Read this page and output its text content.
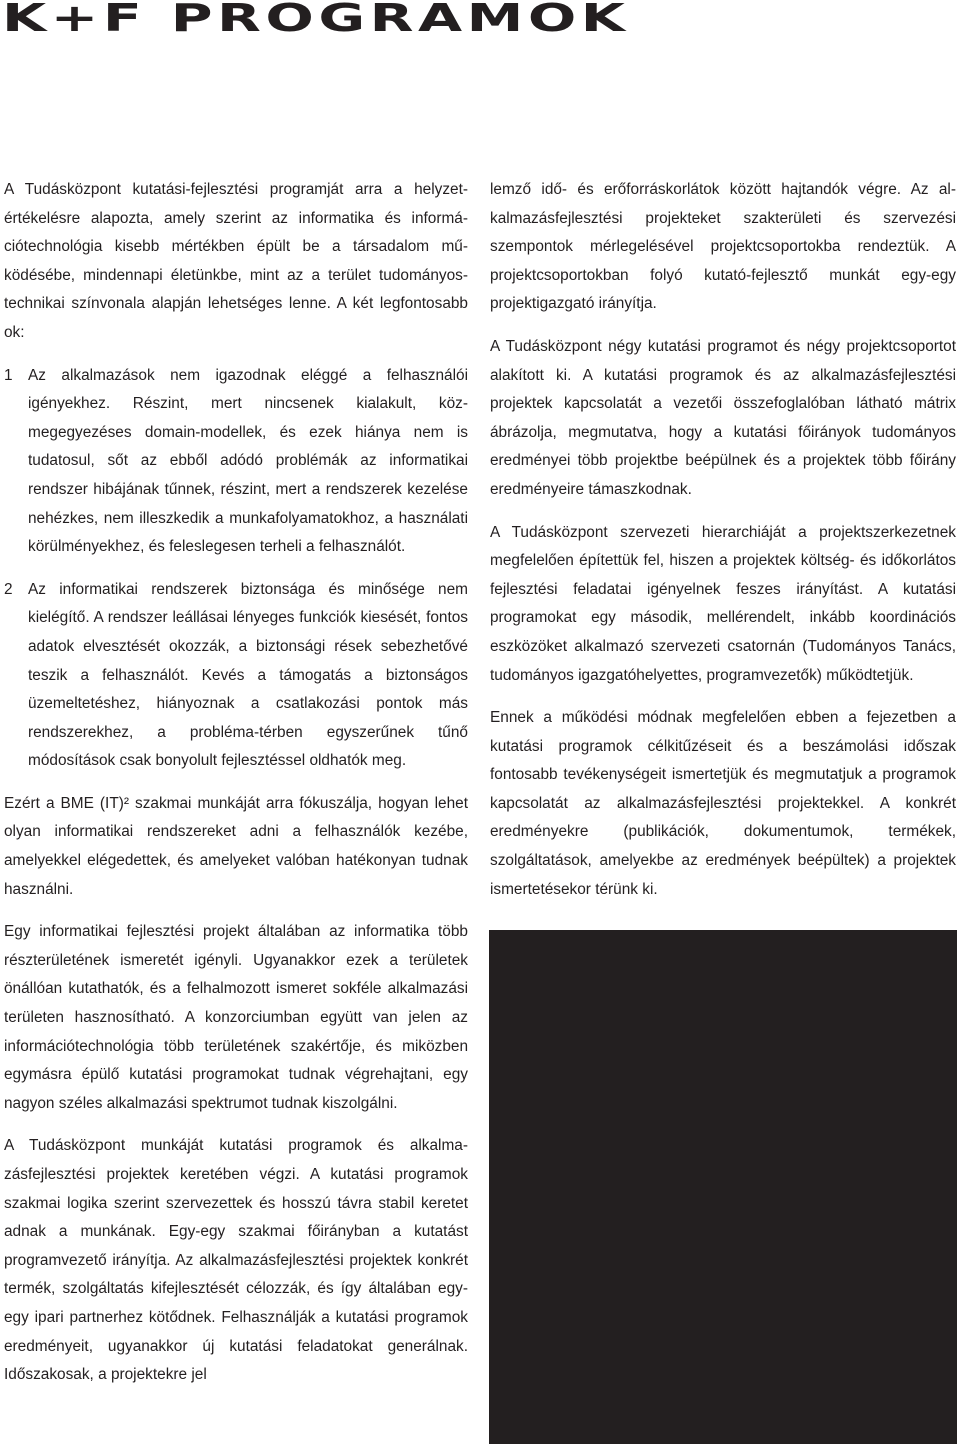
K+F PROGRAMOK

A Tudásközpont kutatási-fejlesztési programját arra a helyzetértékelésre alapozta, amely szerint az informatika és információtechnológia kisebb mértékben épült be a társadalom működésébe, mindennapi életünkbe, mint az a terület tudományos-technikai színvonala alapján lehetséges lenne. A két legfontosabb ok:

1 Az alkalmazások nem igazodnak eléggé a felhasználói igényekhez. Részint, mert nincsenek kialakult, közmegegyezéses domain-modellek, és ezek hiánya nem is tudatosul, sőt az ebből adódó problémák az informatikai rendszer hibájának tűnnek, részint, mert a rendszerek kezelése nehézkes, nem illeszkedik a munkafolyamatokhoz, a használati körülményekhez, és feleslegesen terheli a felhasználót.
2 Az informatikai rendszerek biztonsága és minősége nem kielégítő. A rendszer leállásai lényeges funkciók kiesését, fontos adatok elvesztését okozzák, a biztonsági rések sebezhetővé teszik a felhasználót. Kevés a támogatás a biztonságos üzemeltetéshez, hiányoznak a csatlakozási pontok más rendszerekhez, a probléma-térben egyszerűnek tűnő módosítások csak bonyolult fejlesztéssel oldhatók meg.

Ezért a BME (IT)² szakmai munkáját arra fókuszálja, hogyan lehet olyan informatikai rendszereket adni a felhasználók kezébe, amelyekkel elégedettek, és amelyeket valóban hatékonyan tudnak használni.

Egy informatikai fejlesztési projekt általában az informatika több részterületének ismeretét igényli. Ugyanakkor ezek a területek önállóan kutathatók, és a felhalmozott ismeret sokféle alkalmazási területen hasznosítható. A konzorciumban együtt van jelen az információtechnológia több területének szakértője, és miközben egymásra épülő kutatási programokat tudnak végrehajtani, egy nagyon széles alkalmazási spektrumot tudnak kiszolgálni.

A Tudásközpont munkáját kutatási programok és alkalmazásfejlesztési projektek keretében végzi. A kutatási programok szakmai logika szerint szervezettek és hosszú távra stabil keretet adnak a munkának. Egy-egy szakmai főirányban a kutatást programvezető irányítja. Az alkalmazásfejlesztési projektek konkrét termék, szolgáltatás kifejlesztését célozzák, és így általában egy-egy ipari partnerhez kötődnek. Felhasználják a kutatási programok eredményeit, ugyanakkor új kutatási feladatokat generálnak. Időszakosak, a projektekre jel

lemző idő- és erőforráskorlátok között hajtandók végre. Az alkalmazásfejlesztési projekteket szakterületi és szervezési szempontok mérlegelésével projektcsoportokba rendeztük. A projektcsoportokban folyó kutató-fejlesztő munkát egy-egy projektigazgató irányítja.

A Tudásközpont négy kutatási programot és négy projektcsoportot alakított ki. A kutatási programok és az alkalmazásfejlesztési projektek kapcsolatát a vezetői összefoglalóban látható mátrix ábrázolja, megmutatva, hogy a kutatási főirányok tudományos eredményei több projektbe beépülnek és a projektek több főirány eredményeire támaszkodnak.

A Tudásközpont szervezeti hierarchiáját a projektszerkezetnek megfelelően építettük fel, hiszen a projektek költség- és időkorlátos fejlesztési feladatai igényelnek feszes irányítást. A kutatási programokat egy második, mellérendelt, inkább koordinációs eszközöket alkalmazó szervezeti csatornán (Tudományos Tanács, tudományos igazgatóhelyettes, programvezetők) működtetjük.

Ennek a működési módnak megfelelően ebben a fejezetben a kutatási programok célkitűzéseit és a beszámolási időszak fontosabb tevékenységeit ismertetjük és megmutatjuk a programok kapcsolatát az alkalmazásfejlesztési projektekkel. A konkrét eredményekre (publikációk, dokumentumok, termékek, szolgáltatások, amelyekbe az eredmények beépültek) a projektek ismertetésekor térünk ki.
